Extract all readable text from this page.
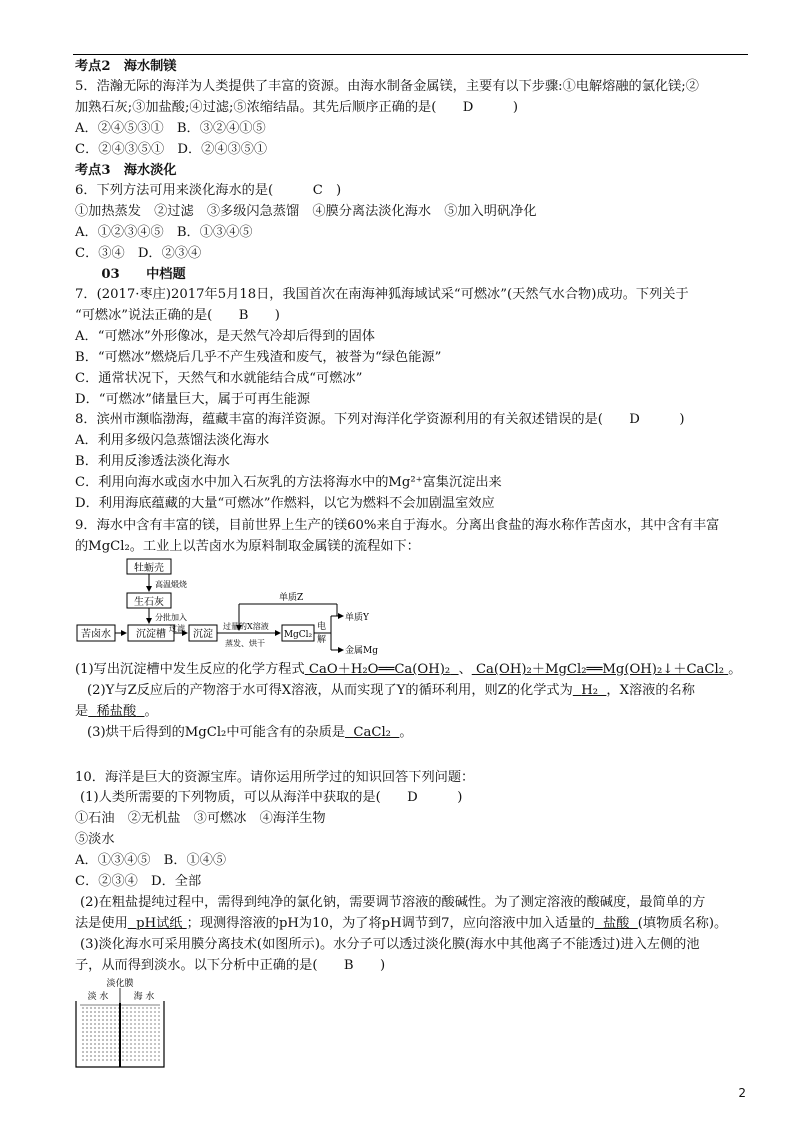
考点2　海水制镁
5．浩瀚无际的海洋为人类提供了丰富的资源。由海水制备金属镁，主要有以下步骤:①电解熔融的氯化镁;②
加熟石灰;③加盐酸;④过滤;⑤浓缩结晶。其先后顺序正确的是(　　D　　　)
A．②④⑤③①　B．③②④①⑤
C．②④③⑤①　D．②④③⑤①
考点3　海水淡化
6．下列方法可用来淡化海水的是(　　　C　)
①加热蒸发　②过滤　③多级闪急蒸馏　④膜分离法淡化海水　⑤加入明矾净化
A．①②③④⑤　B．①③④⑤
C．③④　D．②③④
　　03　　中档题
7．(2017·枣庄)2017年5月18日，我国首次在南海神狐海域试采“可燃冰”(天然气水合物)成功。下列关于
“可燃冰”说法正确的是(　　B　　)
A．“可燃冰”外形像冰，是天然气冷却后得到的固体
B．“可燃冰”燃烧后几乎不产生残渣和废气，被誉为“绿色能源”
C．通常状况下，天然气和水就能结合成“可燃冰”
D．“可燃冰”储量巨大，属于可再生能源
8．滨州市濒临渤海，蕴藏丰富的海洋资源。下列对海洋化学资源利用的有关叙述错误的是(　　D　　　)
A．利用多级闪急蒸馏法淡化海水
B．利用反渗透法淡化海水
C．利用向海水或卤水中加入石灰乳的方法将海水中的Mg²⁺富集沉淀出来
D．利用海底蕴藏的大量“可燃冰”作燃料，以它为燃料不会加剧温室效应
9．海水中含有丰富的镁，目前世界上生产的镁60%来自于海水。分离出食盐的海水称作苦卤水，其中含有丰富
的MgCl₂。工业上以苦卤水为原料制取金属镁的流程如下：
牡蛎壳
高温煅烧
生石灰
分批加入
过滤
苦卤水	沉淀槽	沉淀
过量的X溶液
蒸发、烘干
MgCl₂
电
解
单质Z
单质Y
金属Mg
(1)写出沉淀槽中发生反应的化学方程式 CaO＋H₂O══Ca(OH)₂ 、 Ca(OH)₂＋MgCl₂══Mg(OH)₂↓＋CaCl₂ 。
(2)Y与Z反应后的产物溶于水可得X溶液，从而实现了Y的循环利用，则Z的化学式为 H₂ ，X溶液的名称
是 稀盐酸 。
(3)烘干后得到的MgCl₂中可能含有的杂质是 CaCl₂ 。
10．海洋是巨大的资源宝库。请你运用所学过的知识回答下列问题：
(1)人类所需要的下列物质，可以从海洋中获取的是(　　D　　　)
①石油　②无机盐　③可燃冰　④海洋生物
⑤淡水
A．①③④⑤　B．①④⑤
C．②③④　D．全部
(2)在粗盐提纯过程中，需得到纯净的氯化钠，需要调节溶液的酸碱性。为了测定溶液的酸碱度，最简单的方
法是使用 pH试纸 ；现测得溶液的pH为10，为了将pH调节到7，应向溶液中加入适量的 盐酸 (填物质名称)。
(3)淡化海水可采用膜分离技术(如图所示)。水分子可以透过淡化膜(海水中其他离子不能透过)进入左侧的池
子，从而得到淡水。以下分析中正确的是(　　B　　)
淡化膜
淡 水	海 水
2
